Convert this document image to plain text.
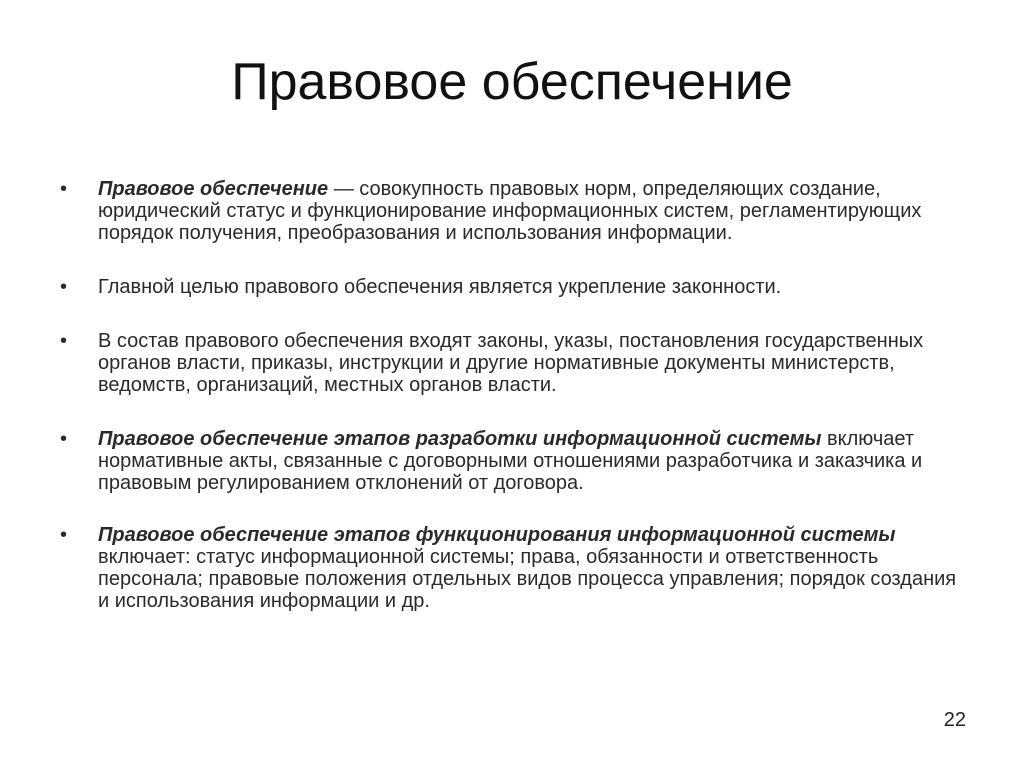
Правовое обеспечение
•	Правовое обеспечение — совокупность правовых норм, определяющих создание, юридический статус и функционирование информационных систем, регламентирующих порядок получения, преобразования и использования информации.
•	Главной целью правового обеспечения является укрепление законности.
•	В состав правового обеспечения входят законы, указы, постановления государственных органов власти, приказы, инструкции и другие нормативные документы министерств, ведомств, организаций, местных органов власти.
•	Правовое обеспечение этапов разработки информационной системы включает нормативные акты, связанные с договорными отношениями разработчика и заказчика и правовым регулированием отклонений от договора.
•	Правовое обеспечение этапов функционирования информационной системы включает: статус информационной системы; права, обязанности и ответственность персонала; правовые положения отдельных видов процесса управления; порядок создания и использования информации и др.
22
